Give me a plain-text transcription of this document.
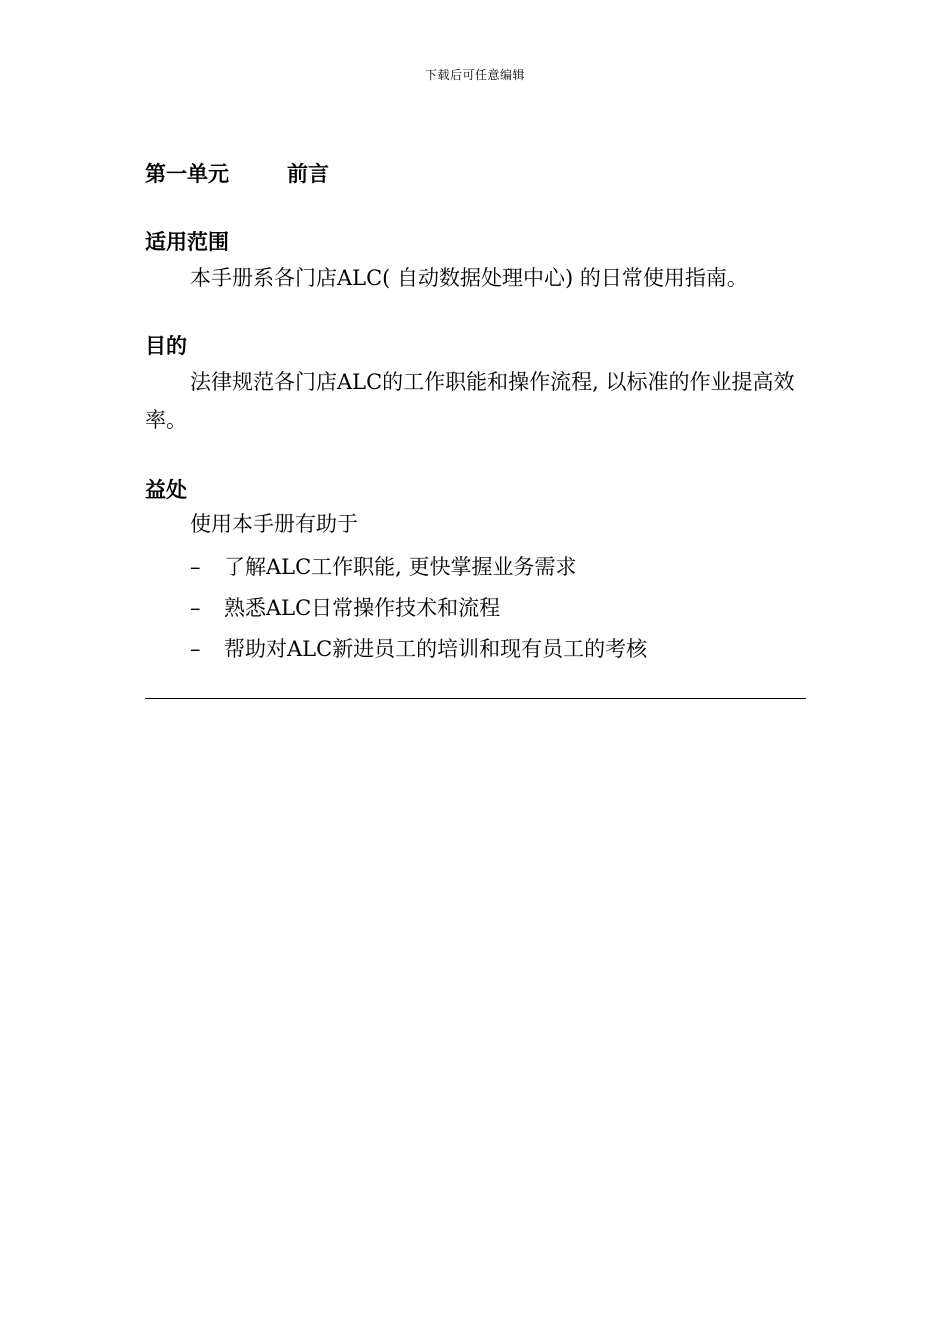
下载后可任意编辑
第一单元	前言
适用范围
本手册系各门店ALC( 自动数据处理中心) 的日常使用指南。
目的
法律规范各门店ALC的工作职能和操作流程, 以标准的作业提高效率。
益处
使用本手册有助于
– 了解ALC工作职能, 更快掌握业务需求
– 熟悉ALC日常操作技术和流程
– 帮助对ALC新进员工的培训和现有员工的考核
